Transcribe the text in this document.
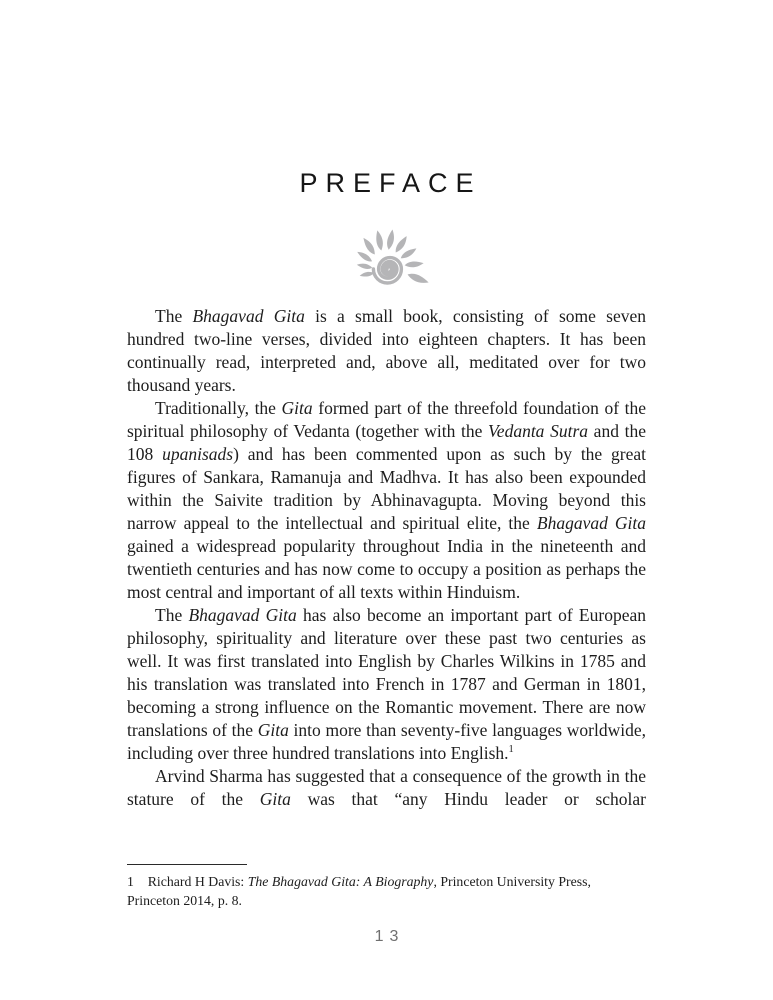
PREFACE

The Bhagavad Gita is a small book, consisting of some seven hundred two-line verses, divided into eighteen chapters. It has been continually read, interpreted and, above all, meditated over for two thousand years.

Traditionally, the Gita formed part of the threefold foundation of the spiritual philosophy of Vedanta (together with the Vedanta Sutra and the 108 upanisads) and has been commented upon as such by the great figures of Sankara, Ramanuja and Madhva. It has also been expounded within the Saivite tradition by Abhinavagupta. Moving beyond this narrow appeal to the intellectual and spiritual elite, the Bhagavad Gita gained a widespread popularity throughout India in the nineteenth and twentieth centuries and has now come to occupy a position as perhaps the most central and important of all texts within Hinduism.

The Bhagavad Gita has also become an important part of European philosophy, spirituality and literature over these past two centuries as well. It was first translated into English by Charles Wilkins in 1785 and his translation was translated into French in 1787 and German in 1801, becoming a strong influence on the Romantic movement. There are now translations of the Gita into more than seventy-five languages worldwide, including over three hundred translations into English.$^1$

Arvind Sharma has suggested that a consequence of the growth in the stature of the Gita was that “any Hindu leader or scholar

1  Richard H Davis: The Bhagavad Gita: A Biography, Princeton University Press, Princeton 2014, p. 8.

13
